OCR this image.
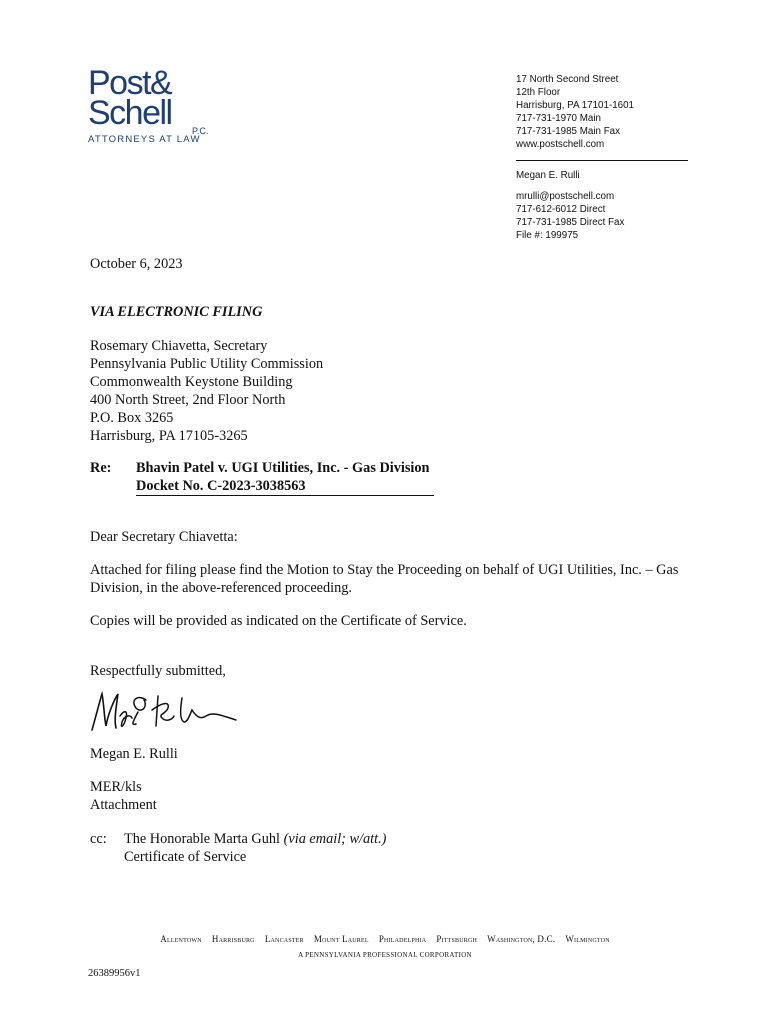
Post&
Schell P.C.
ATTORNEYS AT LAW
17 North Second Street
12th Floor
Harrisburg, PA 17101-1601
717-731-1970 Main
717-731-1985 Main Fax
www.postschell.com
Megan E. Rulli
mrulli@postschell.com
717-612-6012 Direct
717-731-1985 Direct Fax
File #: 199975
October 6, 2023
VIA ELECTRONIC FILING
Rosemary Chiavetta, Secretary
Pennsylvania Public Utility Commission
Commonwealth Keystone Building
400 North Street, 2nd Floor North
P.O. Box 3265
Harrisburg, PA 17105-3265
Re: Bhavin Patel v. UGI Utilities, Inc. - Gas Division
Docket No. C-2023-3038563
Dear Secretary Chiavetta:
Attached for filing please find the Motion to Stay the Proceeding on behalf of UGI Utilities, Inc. – Gas Division, in the above-referenced proceeding.
Copies will be provided as indicated on the Certificate of Service.
Respectfully submitted,
Megan E. Rulli
MER/kls
Attachment
cc: The Honorable Marta Guhl (via email; w/att.)
Certificate of Service
Allentown Harrisburg Lancaster Mount Laurel Philadelphia Pittsburgh Washington, D.C. Wilmington
A PENNSYLVANIA PROFESSIONAL CORPORATION
26389956v1
